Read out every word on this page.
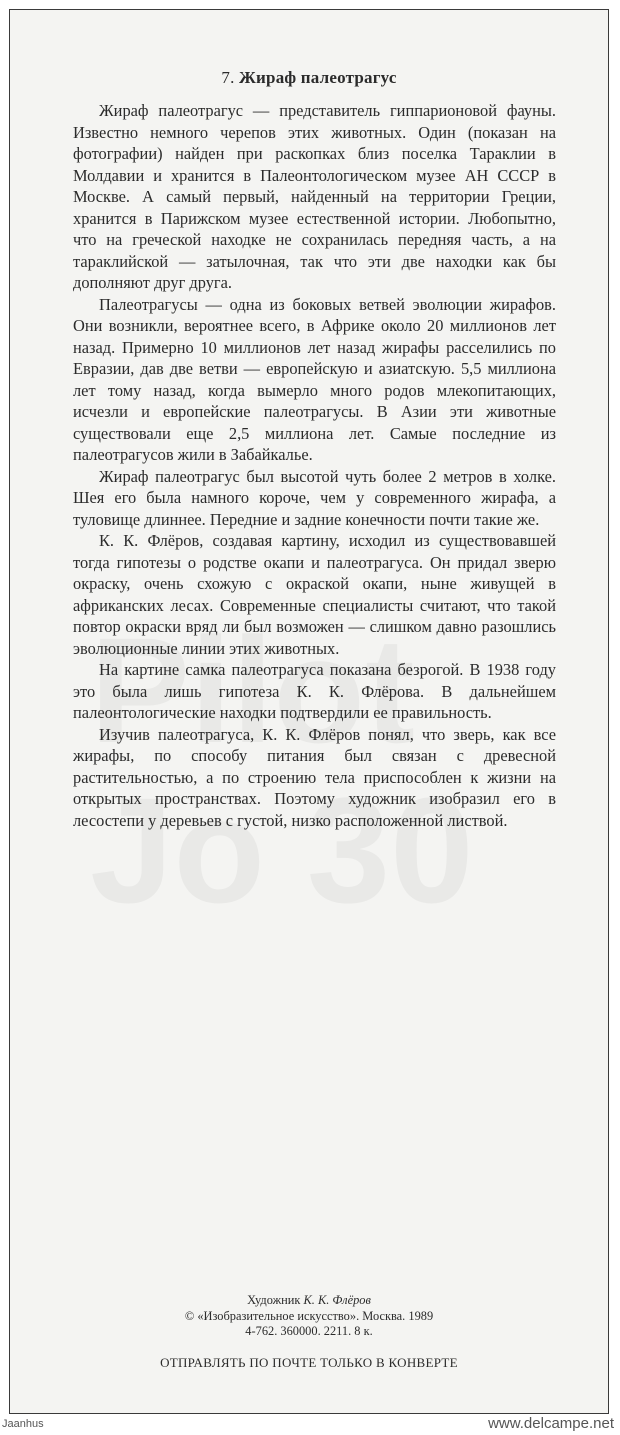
7. Жираф палеотрагус

Жираф палеотрагус — представитель гиппарионовой фауны. Известно немного черепов этих животных. Один (показан на фотографии) найден при раскопках близ поселка Тараклии в Молдавии и хранится в Палеонтологическом музее АН СССР в Москве. А самый первый, найденный на территории Греции, хранится в Парижском музее естественной истории. Любопытно, что на греческой находке не сохранилась передняя часть, а на тараклийской — затылочная, так что эти две находки как бы дополняют друг друга.

Палеотрагусы — одна из боковых ветвей эволюции жирафов. Они возникли, вероятнее всего, в Африке около 20 миллионов лет назад. Примерно 10 миллионов лет назад жирафы расселились по Евразии, дав две ветви — европейскую и азиатскую. 5,5 миллиона лет тому назад, когда вымерло много родов млекопитающих, исчезли и европейские палеотрагусы. В Азии эти животные существовали еще 2,5 миллиона лет. Самые последние из палеотрагусов жили в Забайкалье.

Жираф палеотрагус был высотой чуть более 2 метров в холке. Шея его была намного короче, чем у современного жирафа, а туловище длиннее. Передние и задние конечности почти такие же.

К. К. Флёров, создавая картину, исходил из существовавшей тогда гипотезы о родстве окапи и палеотрагуса. Он придал зверю окраску, очень схожую с окраской окапи, ныне живущей в африканских лесах. Современные специалисты считают, что такой повтор окраски вряд ли был возможен — слишком давно разошлись эволюционные линии этих животных.

На картине самка палеотрагуса показана безрогой. В 1938 году это была лишь гипотеза К. К. Флёрова. В дальнейшем палеонтологические находки подтвердили ее правильность.

Изучив палеотрагуса, К. К. Флёров понял, что зверь, как все жирафы, по способу питания был связан с древесной растительностью, а по строению тела приспособлен к жизни на открытых пространствах. Поэтому художник изобразил его в лесостепи у деревьев с густой, низко расположенной листвой.

Художник К. К. Флёров
© «Изобразительное искусство». Москва. 1989
4-762. 360000. 2211. 8 к.
ОТПРАВЛЯТЬ ПО ПОЧТЕ ТОЛЬКО В КОНВЕРТЕ
Jaanhus	www.delcampe.net
